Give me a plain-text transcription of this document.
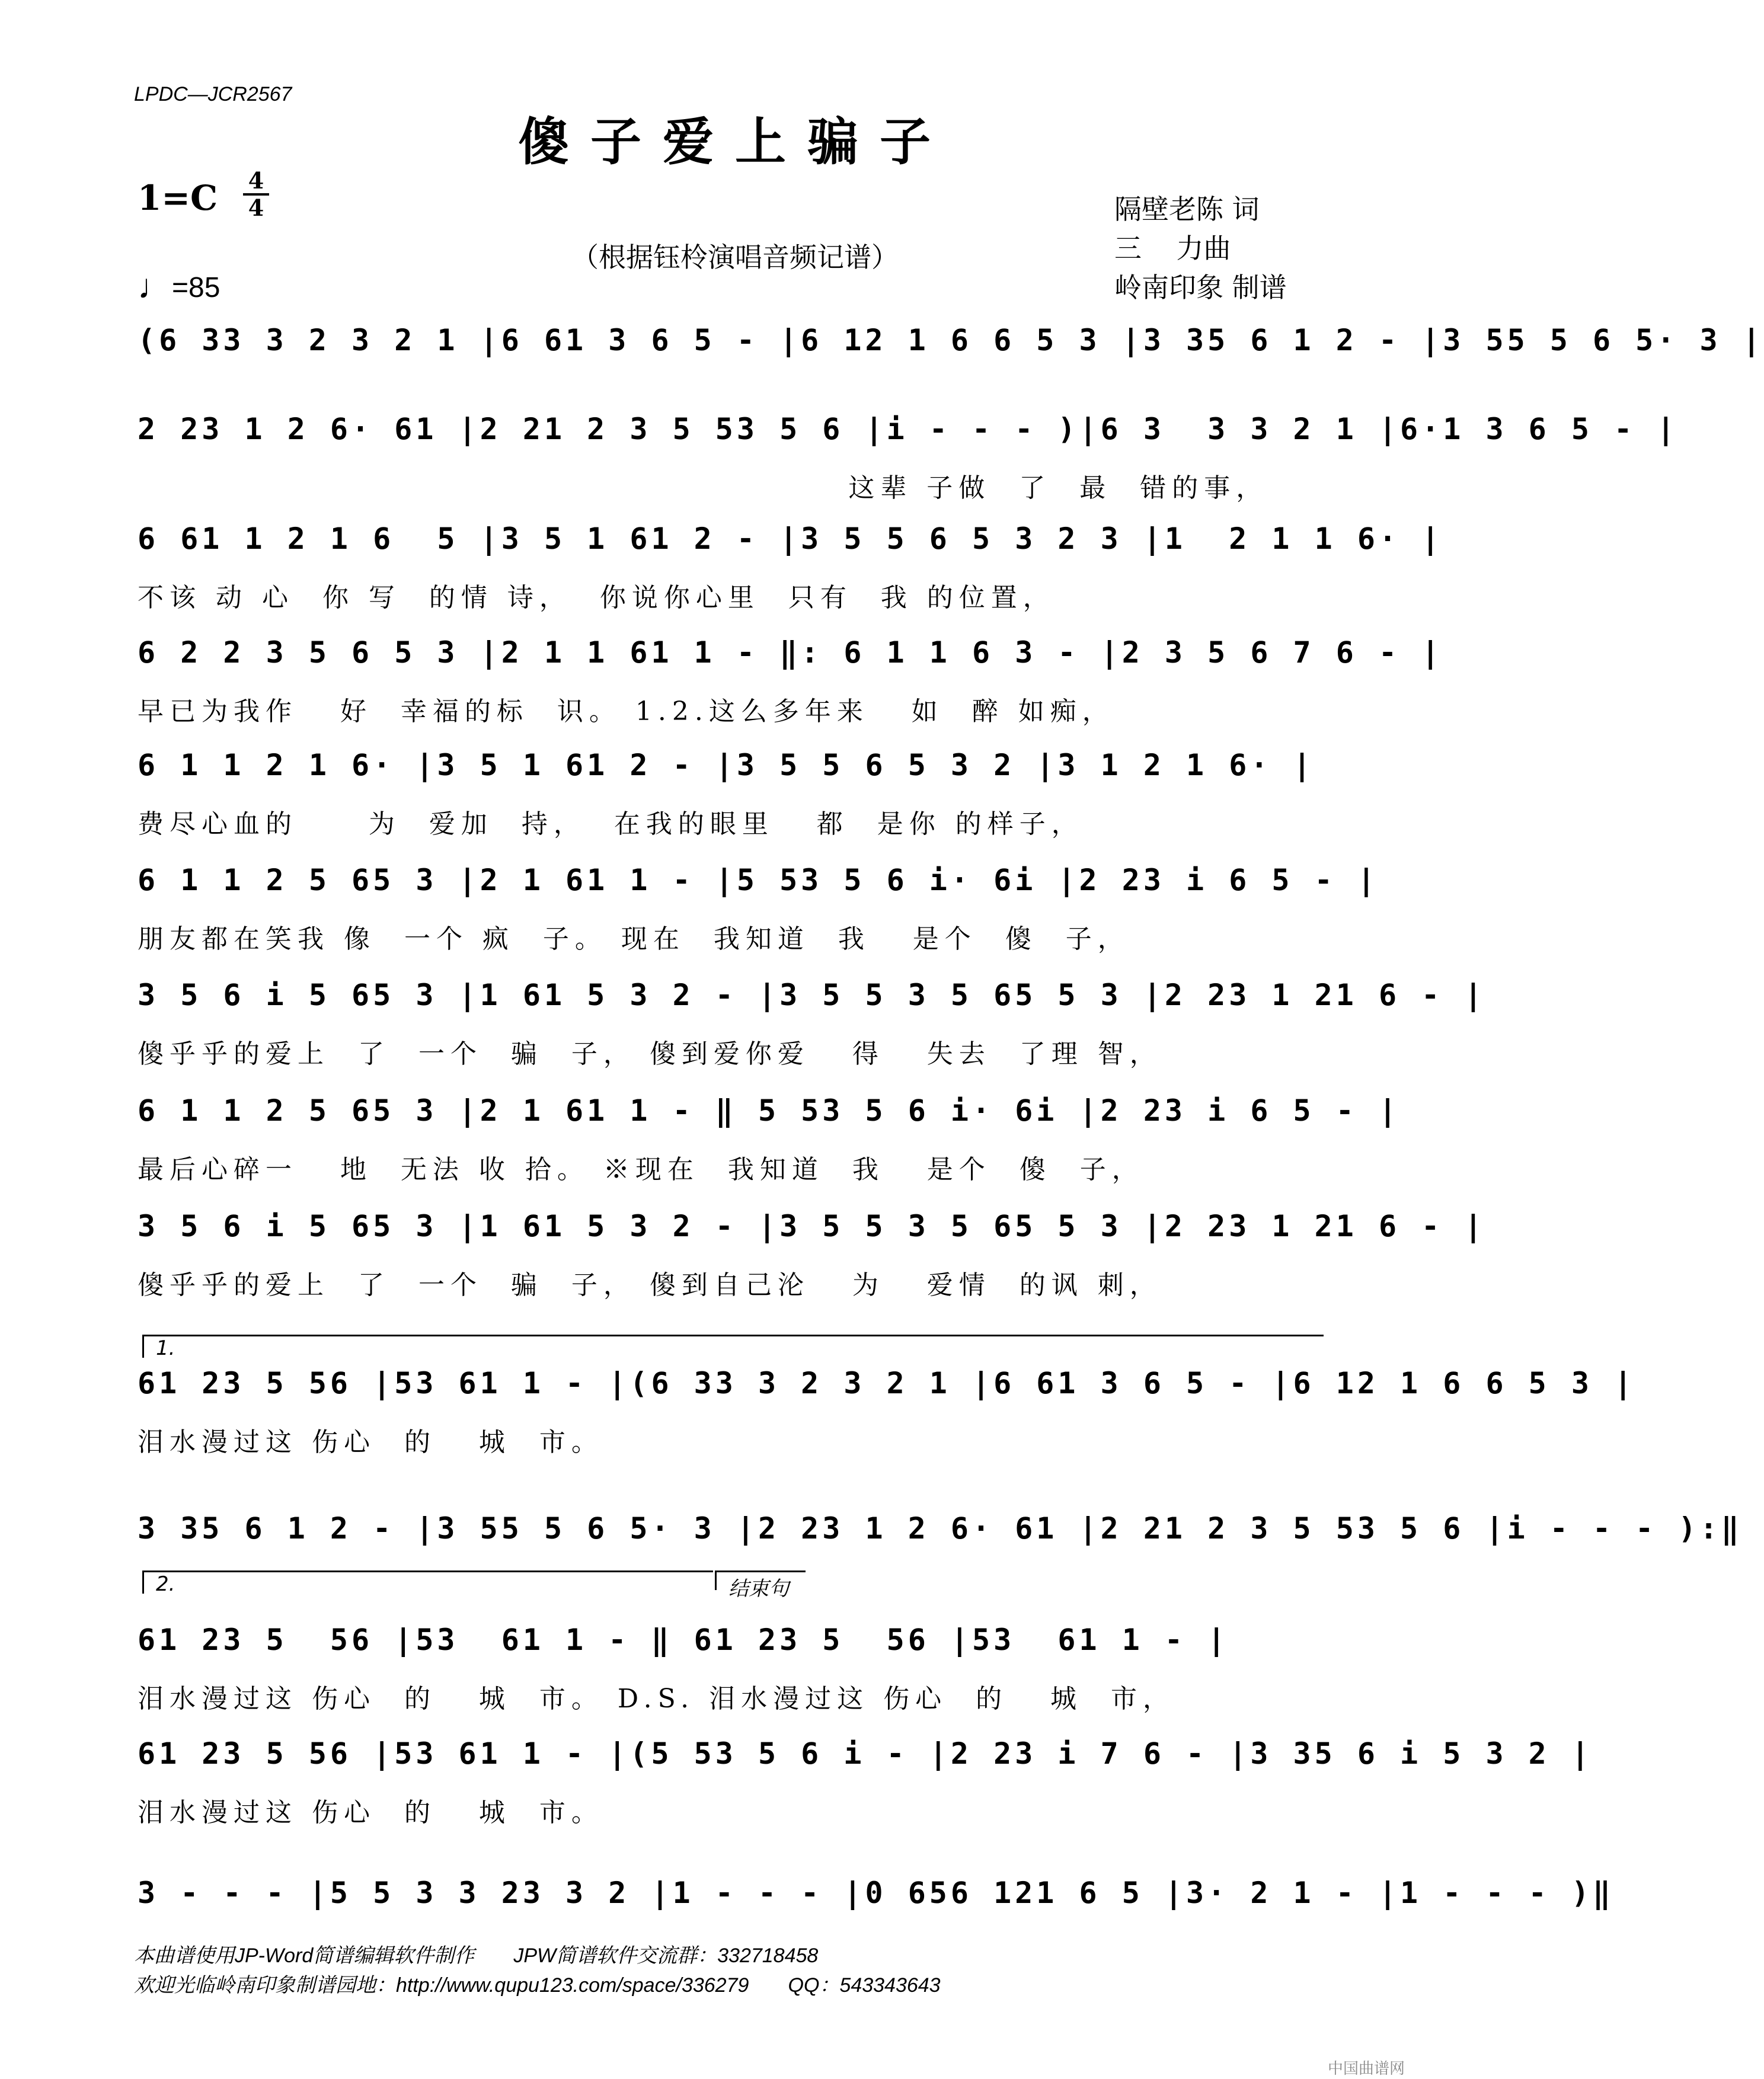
LPDC—JCR2567
傻子爱上骗子
1=C 4
4
♩=85
（根据钰柃演唱音频记谱）
隔壁老陈 词
三    力曲
岭南印象 制谱
(6 33 3 2 3 2 1 |6 61 3 6 5 - |6 12 1 6 6 5 3 |3 35 6 1 2 - |3 55 5 6 5· 3 |
2 23 1 2 6· 61 |2 21 2 3 5 53 5 6 |i - - - )|6 3  3 3 2 1 |6·1 3 6 5 - |
这辈 子做  了  最  错的事，
6 61 1 2 1 6  5 |3 5 1 61 2 - |3 5 5 6 5 3 2 3 |1  2 1 1 6· |
不该 动 心  你 写  的情 诗，  你说你心里  只有  我 的位置，
6 2 2 3 5 6 5 3 |2 1 1 61 1 - ‖: 6 1 1 6 3 - |2 3 5 6 7 6 - |
早已为我作   好  幸福的标  识。 1.2.这么多年来   如  醉 如痴，
6 1 1 2 1 6· |3 5 1 61 2 - |3 5 5 6 5 3 2 |3 1 2 1 6· |
费尽心血的     为  爱加  持，  在我的眼里   都  是你 的样子，
6 1 1 2 5 65 3 |2 1 61 1 - |5 53 5 6 i· 6i |2 23 i 6 5 - |
朋友都在笑我 像  一个 疯  子。 现在  我知道  我   是个  傻  子，
3 5 6 i 5 65 3 |1 61 5 3 2 - |3 5 5 3 5 65 5 3 |2 23 1 21 6 - |
傻乎乎的爱上  了  一个  骗  子， 傻到爱你爱   得   失去  了理 智，
6 1 1 2 5 65 3 |2 1 61 1 - ‖ 5 53 5 6 i· 6i |2 23 i 6 5 - |
最后心碎一   地  无法 收 拾。 ※现在  我知道  我   是个  傻  子，
3 5 6 i 5 65 3 |1 61 5 3 2 - |3 5 5 3 5 65 5 3 |2 23 1 21 6 - |
傻乎乎的爱上  了  一个  骗  子， 傻到自己沦   为   爱情  的讽 刺，
61 23 5 56 |53 61 1 - |(6 33 3 2 3 2 1 |6 61 3 6 5 - |6 12 1 6 6 5 3 |
泪水漫过这 伤心  的   城  市。
3 35 6 1 2 - |3 55 5 6 5· 3 |2 23 1 2 6· 61 |2 21 2 3 5 53 5 6 |i - - - ):‖
61 23 5  56 |53  61 1 - ‖ 61 23 5  56 |53  61 1 - |
泪水漫过这 伤心  的   城  市。 D.S. 泪水漫过这 伤心  的   城  市，
61 23 5 56 |53 61 1 - |(5 53 5 6 i - |2 23 i 7 6 - |3 35 6 i 5 3 2 |
泪水漫过这 伤心  的   城  市。
3 - - - |5 5 3 3 23 3 2 |1 - - - |0 656 121 6 5 |3· 2 1 - |1 - - - )‖
1.
2.	结束句
本曲谱使用JP-Word简谱编辑软件制作       JPW简谱软件交流群：332718458
欢迎光临岭南印象制谱园地：http://www.qupu123.com/space/336279       QQ：543343643
中国曲谱网
